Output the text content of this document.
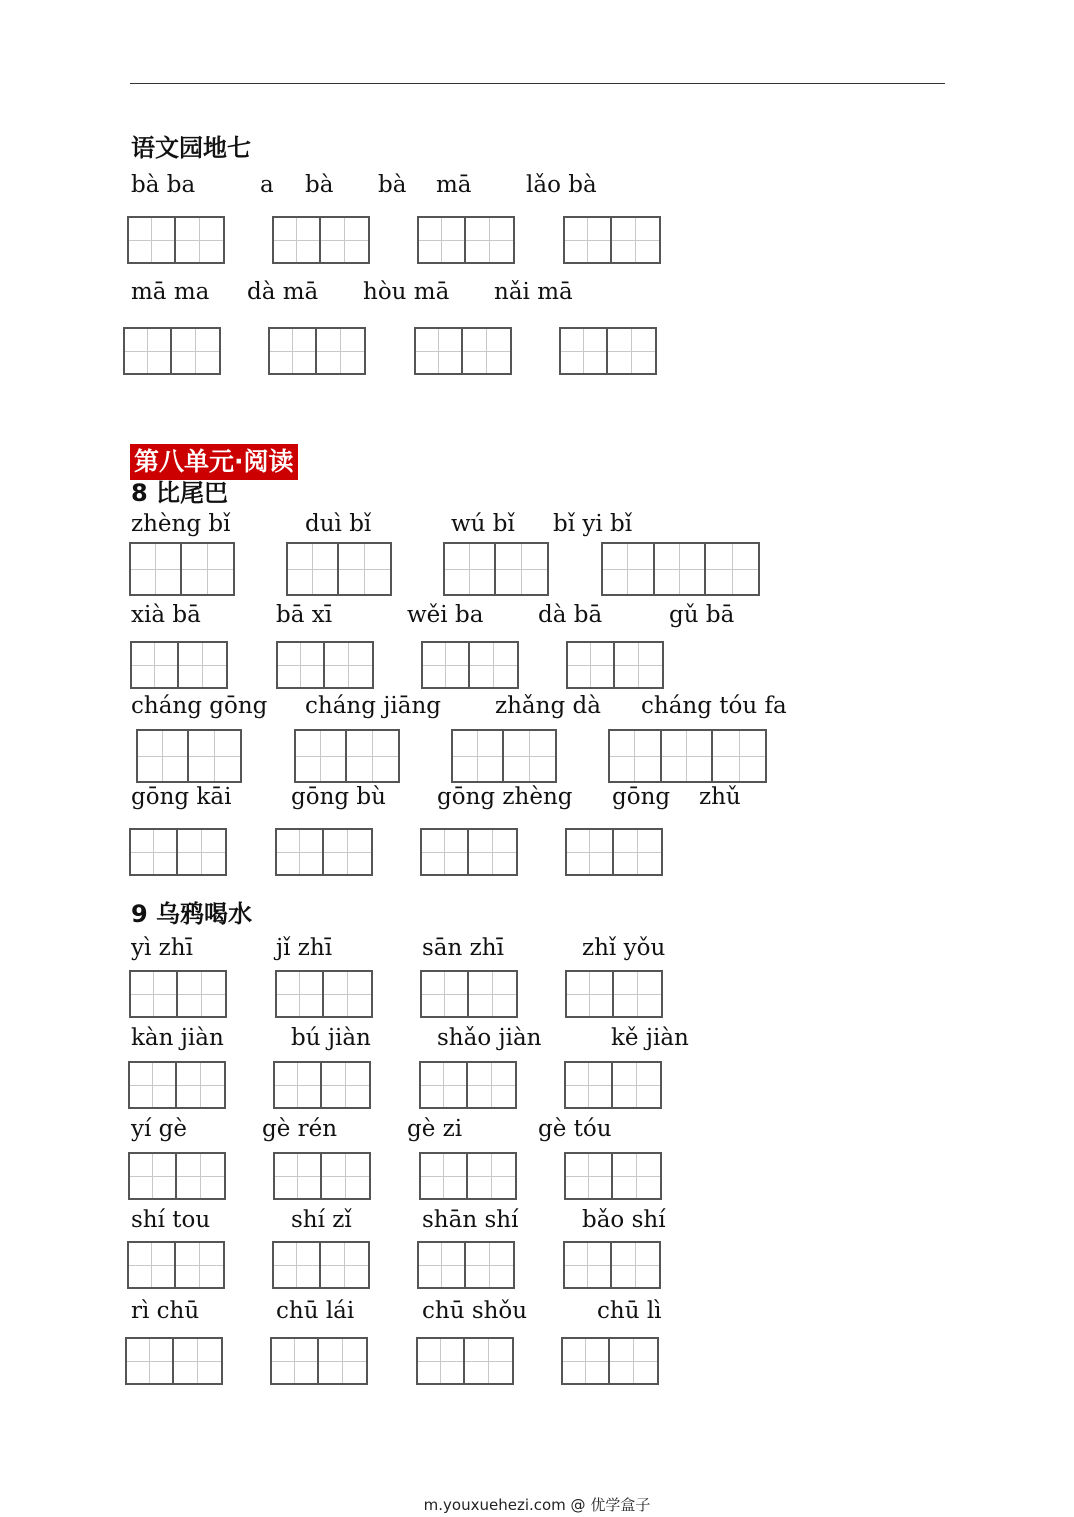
语文园地七
bà ba	a bà bà mā lǎo bà
mā ma dà mā hòu mā nǎi mā
第八单元·阅读
8 比尾巴
zhèng bǐ	duì bǐ	wú bǐ bǐ yi bǐ
xià bā	bā xī	wěi ba dà bā	gǔ bā
cháng gōng cháng jiāng zhǎng dà cháng tóu fa
gōng kāi	gōng bù gōng zhèng gōng zhǔ
9 乌鸦喝水
yì zhī	jǐ zhī	sān zhī	zhǐ yǒu
kàn jiàn	bú jiàn	shǎo jiàn	kě jiàn
yí gè	gè rén	gè zi	gè tóu
shí tou	shí zǐ	shān shí	bǎo shí
rì chū	chū lái	chū shǒu	chū lì
m.youxuehezi.com @ 优学盒子
